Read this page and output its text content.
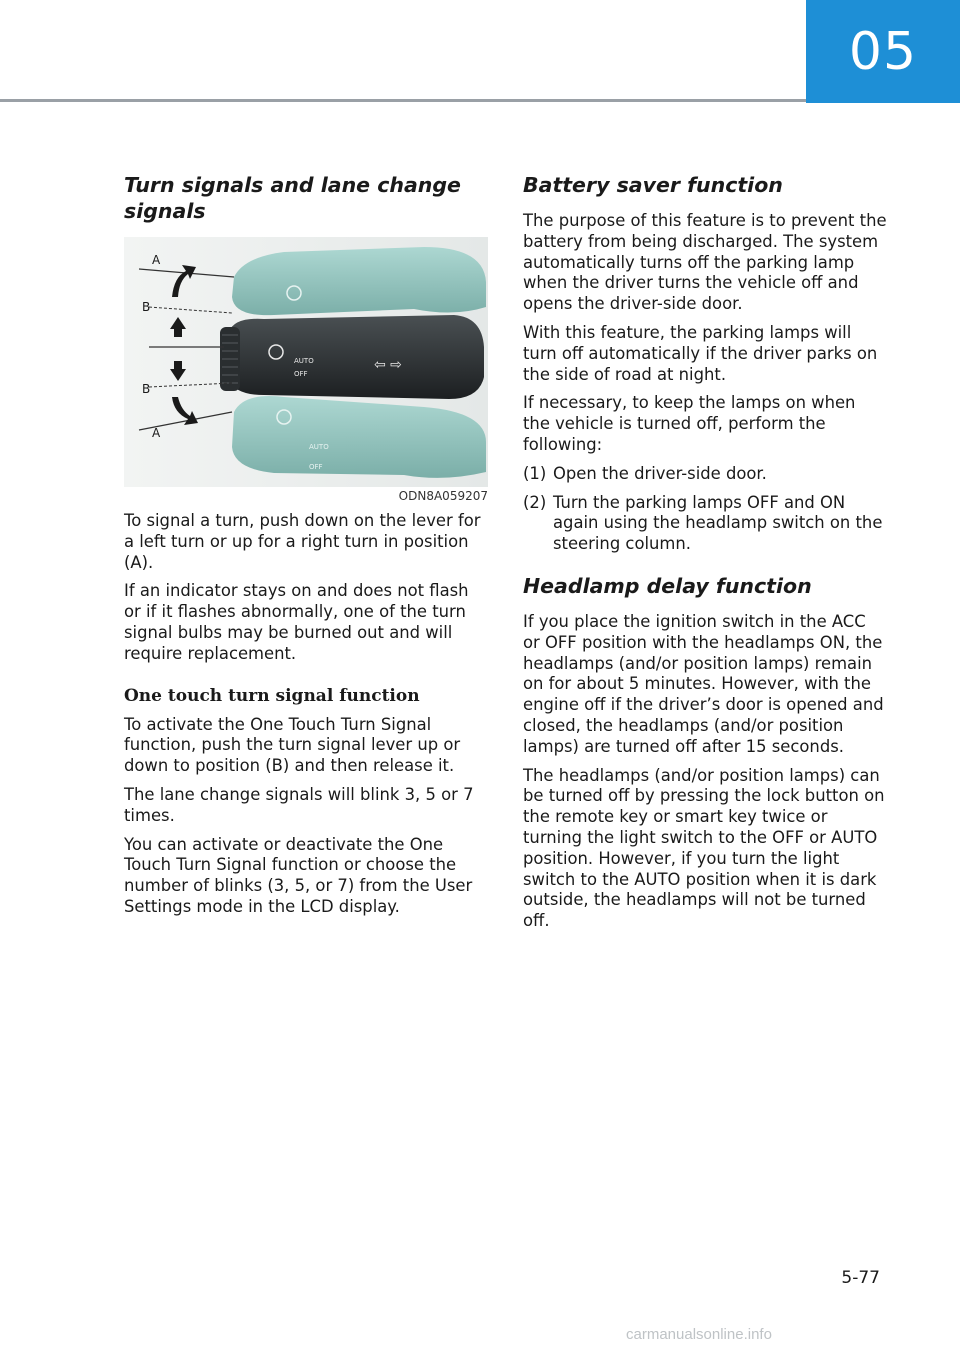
05
Turn signals and lane change signals
AUTO
OFF
⇦ ⇨
A
B
B
A
OFF
AUTO
ODN8A059207

To signal a turn, push down on the lever for a left turn or up for a right turn in position (A).

If an indicator stays on and does not flash or if it flashes abnormally, one of the turn signal bulbs may be burned out and will require replacement.

One touch turn signal function

To activate the One Touch Turn Signal function, push the turn signal lever up or down to position (B) and then release it.

The lane change signals will blink 3, 5 or 7 times.

You can activate or deactivate the One Touch Turn Signal function or choose the number of blinks (3, 5, or 7) from the User Settings mode in the LCD display.

Battery saver function

The purpose of this feature is to prevent the battery from being discharged. The system automatically turns off the parking lamp when the driver turns the vehicle off and opens the driver-side door.

With this feature, the parking lamps will turn off automatically if the driver parks on the side of road at night.

If necessary, to keep the lamps on when the vehicle is turned off, perform the following:

(1) Open the driver-side door.
(2) Turn the parking lamps OFF and ON again using the headlamp switch on the steering column.
Headlamp delay function

If you place the ignition switch in the ACC or OFF position with the headlamps ON, the headlamps (and/or position lamps) remain on for about 5 minutes. However, with the engine off if the driver’s door is opened and closed, the headlamps (and/or position lamps) are turned off after 15 seconds.

The headlamps (and/or position lamps) can be turned off by pressing the lock button on the remote key or smart key twice or turning the light switch to the OFF or AUTO position. However, if you turn the light switch to the AUTO position when it is dark outside, the headlamps will not be turned off.

5-77
carmanualsonline.info
